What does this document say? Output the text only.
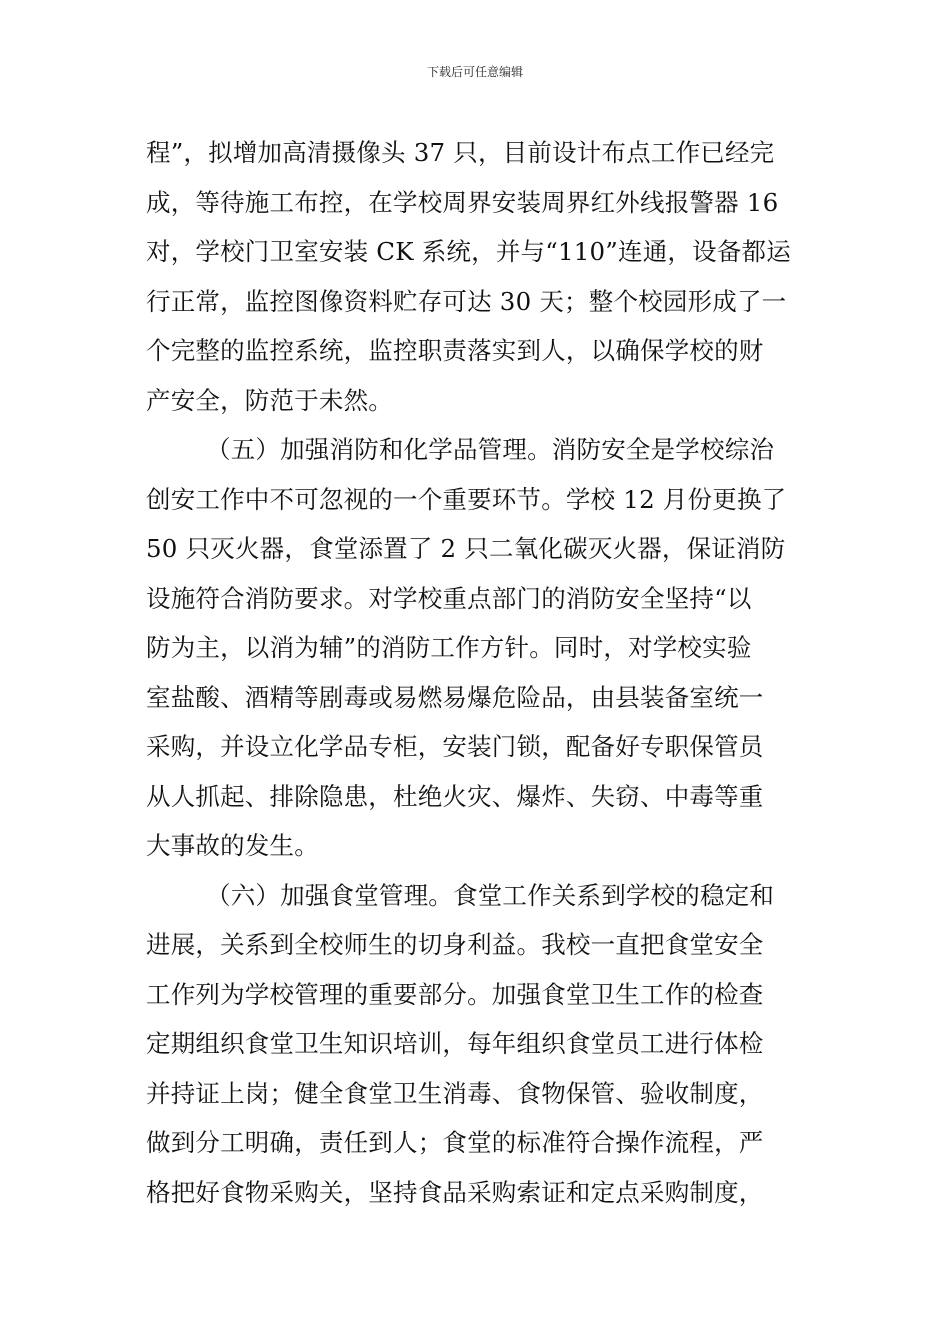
下载后可任意编辑
程”，拟增加高清摄像头 37 只，目前设计布点工作已经完
成，等待施工布控，在学校周界安装周界红外线报警器 16
对，学校门卫室安装 CK 系统，并与“110”连通，设备都运
行正常，监控图像资料贮存可达 30 天；整个校园形成了一
个完整的监控系统，监控职责落实到人，以确保学校的财
产安全，防范于未然。
（五）加强消防和化学品管理。消防安全是学校综治
创安工作中不可忽视的一个重要环节。学校 12 月份更换了
50 只灭火器，食堂添置了 2 只二氧化碳灭火器，保证消防
设施符合消防要求。对学校重点部门的消防安全坚持“以
防为主，以消为辅”的消防工作方针。同时，对学校实验
室盐酸、酒精等剧毒或易燃易爆危险品，由县装备室统一
采购，并设立化学品专柜，安装门锁，配备好专职保管员
从人抓起、排除隐患，杜绝火灾、爆炸、失窃、中毒等重
大事故的发生。
（六）加强食堂管理。食堂工作关系到学校的稳定和
进展，关系到全校师生的切身利益。我校一直把食堂安全
工作列为学校管理的重要部分。加强食堂卫生工作的检查
定期组织食堂卫生知识培训，每年组织食堂员工进行体检
并持证上岗；健全食堂卫生消毒、食物保管、验收制度，
做到分工明确，责任到人；食堂的标准符合操作流程，严
格把好食物采购关，坚持食品采购索证和定点采购制度，
